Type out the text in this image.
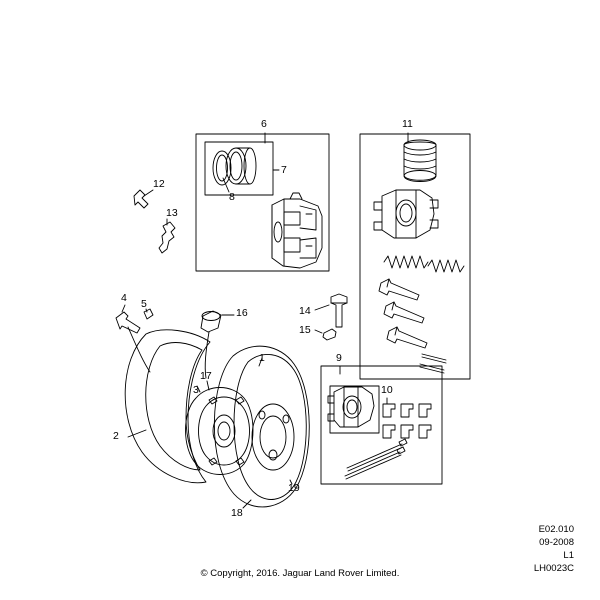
1
2
3
4 5
6
7
8
9
10
11
12
13
14
15
16
17
18
19
E02.010
09-2008
L1
LH0023C
© Copyright, 2016. Jaguar Land Rover Limited.
